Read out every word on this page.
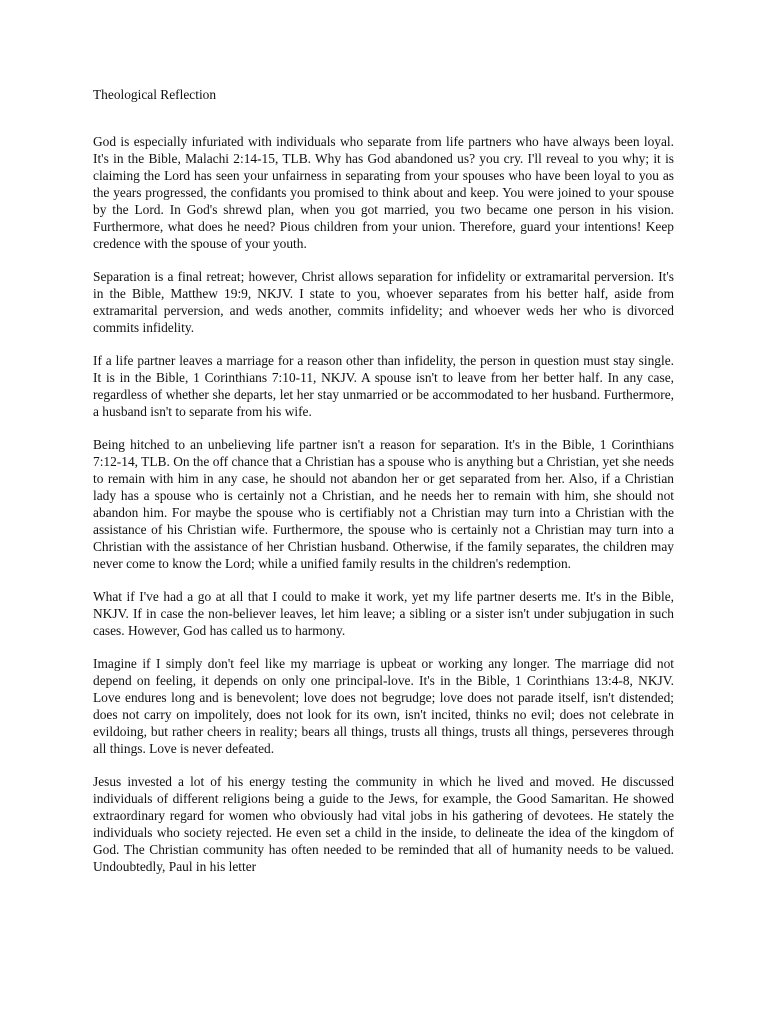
Theological Reflection

God is especially infuriated with individuals who separate from life partners who have always been loyal. It's in the Bible, Malachi 2:14-15, TLB. Why has God abandoned us? you cry. I'll reveal to you why; it is claiming the Lord has seen your unfairness in separating from your spouses who have been loyal to you as the years progressed, the confidants you promised to think about and keep. You were joined to your spouse by the Lord. In God's shrewd plan, when you got married, you two became one person in his vision. Furthermore, what does he need? Pious children from your union. Therefore, guard your intentions! Keep credence with the spouse of your youth.

Separation is a final retreat; however, Christ allows separation for infidelity or extramarital perversion. It's in the Bible, Matthew 19:9, NKJV. I state to you, whoever separates from his better half, aside from extramarital perversion, and weds another, commits infidelity; and whoever weds her who is divorced commits infidelity.

If a life partner leaves a marriage for a reason other than infidelity, the person in question must stay single. It is in the Bible, 1 Corinthians 7:10-11, NKJV. A spouse isn't to leave from her better half. In any case, regardless of whether she departs, let her stay unmarried or be accommodated to her husband. Furthermore, a husband isn't to separate from his wife.

Being hitched to an unbelieving life partner isn't a reason for separation. It's in the Bible, 1 Corinthians 7:12-14, TLB. On the off chance that a Christian has a spouse who is anything but a Christian, yet she needs to remain with him in any case, he should not abandon her or get separated from her. Also, if a Christian lady has a spouse who is certainly not a Christian, and he needs her to remain with him, she should not abandon him. For maybe the spouse who is certifiably not a Christian may turn into a Christian with the assistance of his Christian wife. Furthermore, the spouse who is certainly not a Christian may turn into a Christian with the assistance of her Christian husband. Otherwise, if the family separates, the children may never come to know the Lord; while a unified family results in the children's redemption.

What if I've had a go at all that I could to make it work, yet my life partner deserts me. It's in the Bible, NKJV. If in case the non-believer leaves, let him leave; a sibling or a sister isn't under subjugation in such cases. However, God has called us to harmony.

Imagine if I simply don't feel like my marriage is upbeat or working any longer. The marriage did not depend on feeling, it depends on only one principal-love. It's in the Bible, 1 Corinthians 13:4-8, NKJV. Love endures long and is benevolent; love does not begrudge; love does not parade itself, isn't distended; does not carry on impolitely, does not look for its own, isn't incited, thinks no evil; does not celebrate in evildoing, but rather cheers in reality; bears all things, trusts all things, trusts all things, perseveres through all things. Love is never defeated.

Jesus invested a lot of his energy testing the community in which he lived and moved. He discussed individuals of different religions being a guide to the Jews, for example, the Good Samaritan. He showed extraordinary regard for women who obviously had vital jobs in his gathering of devotees. He stately the individuals who society rejected. He even set a child in the inside, to delineate the idea of the kingdom of God. The Christian community has often needed to be reminded that all of humanity needs to be valued. Undoubtedly, Paul in his letter
